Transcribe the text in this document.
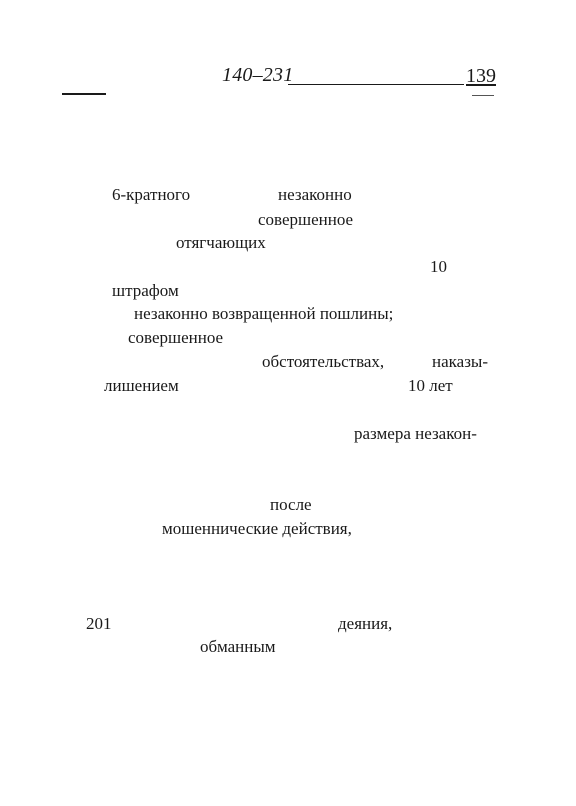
140–231	139
6-кратного	незаконно
совершенное
отягчающих
10
штрафом
незаконно возвращенной пошлины;
совершенное
обстоятельствах,	наказы-
лишением	10 лет
размера незакон-
после
мошеннические действия,
201	деяния,
обманным
